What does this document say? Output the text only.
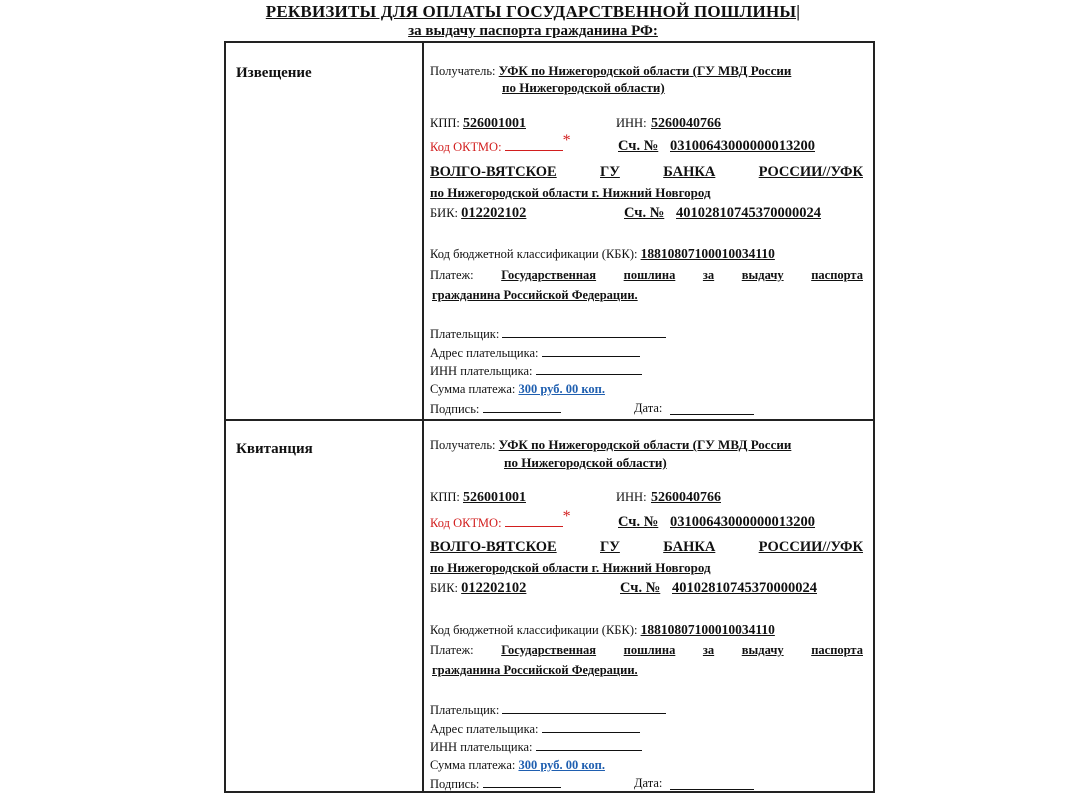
РЕКВИЗИТЫ ДЛЯ ОПЛАТЫ ГОСУДАРСТВЕННОЙ ПОШЛИНЫ|
за выдачу паспорта гражданина РФ:
Извещение	Получатель: УФК по Нижегородской области (ГУ МВД России
по Нижегородской области)
КПП: 526001001	ИНН: 5260040766
Код ОКТМО:	*	Сч. № 03100643000000013200
ВОЛГО-ВЯТСКОЕ	ГУ	БАНКА	РОССИИ//УФК
по Нижегородской области г. Нижний Новгород
БИК: 012202102	Сч. № 40102810745370000024
Код бюджетной классификации (КБК): 18810807100010034110
Платеж: Государственная пошлина за выдачу паспорта
гражданина Российской Федерации.
Плательщик:
Адрес плательщика:
ИНН плательщика:
Сумма платежа: 300 руб. 00 коп.
Подпись:	Дата:
Квитанция	Получатель: УФК по Нижегородской области (ГУ МВД России
по Нижегородской области)
КПП: 526001001	ИНН: 5260040766
Код ОКТМО:	*	Сч. № 03100643000000013200
ВОЛГО-ВЯТСКОЕ	ГУ	БАНКА	РОССИИ//УФК
по Нижегородской области г. Нижний Новгород
БИК: 012202102	Сч. № 40102810745370000024
Код бюджетной классификации (КБК): 18810807100010034110
Платеж: Государственная пошлина за выдачу паспорта
гражданина Российской Федерации.
Плательщик:
Адрес плательщика:
ИНН плательщика:
Сумма платежа: 300 руб. 00 коп.
Подпись:	Дата:
